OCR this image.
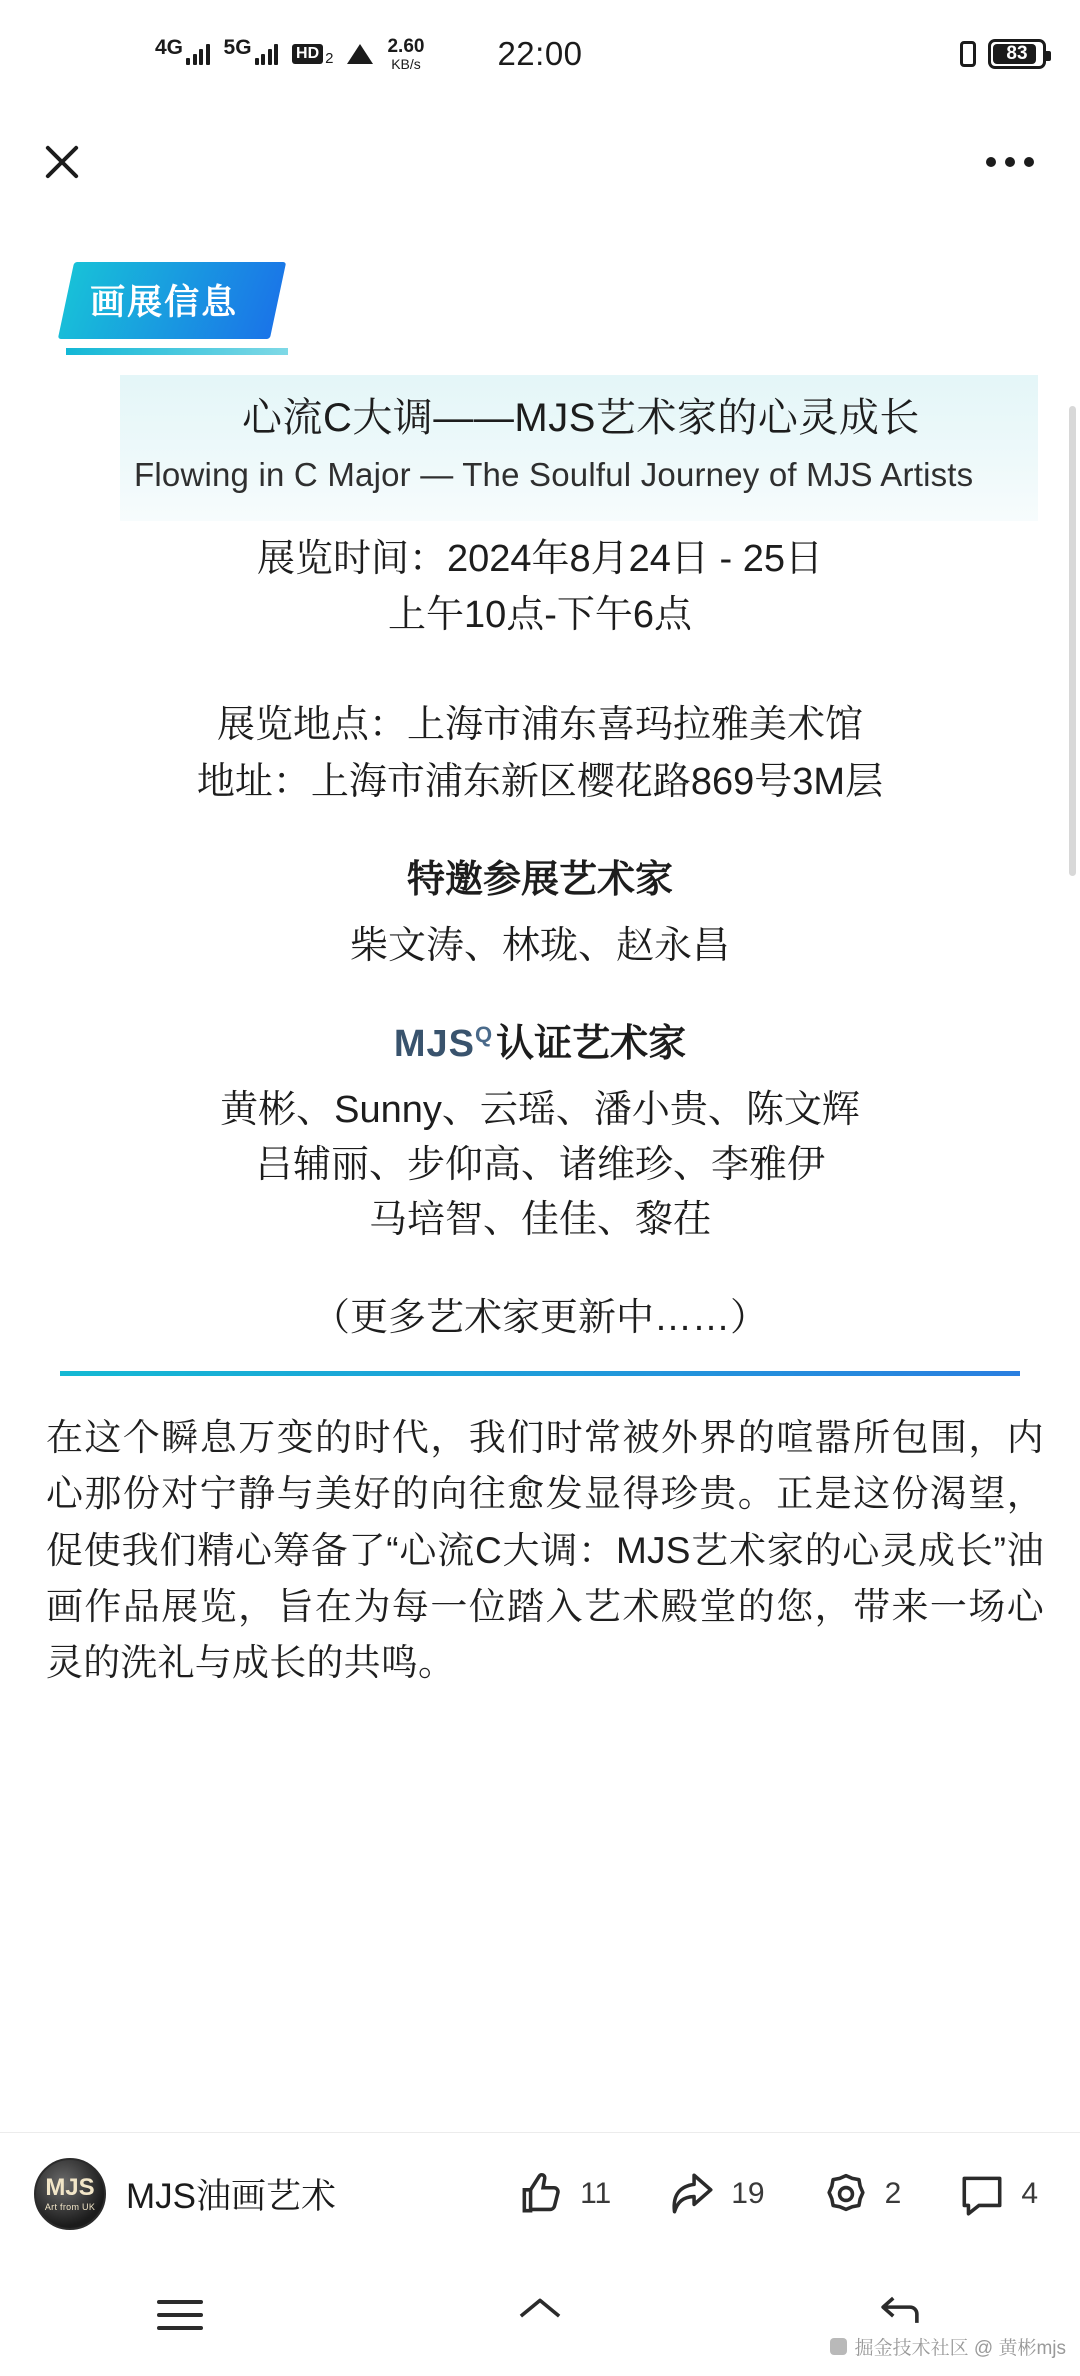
4G 5G	HD 2
2.60
KB/s 22:00	83
画展信息
心流C大调——MJS艺术家的心灵成长
Flowing in C Major — The Soulful Journey of MJS Artists
展览时间：2024年8月24日 - 25日
上午10点-下午6点
展览地点：上海市浦东喜玛拉雅美术馆
地址：上海市浦东新区樱花路869号3M层
特邀参展艺术家
柴文涛、林珑、赵永昌
MJS Q 认证艺术家
黄彬、Sunny、云瑶、潘小贵、陈文辉
吕辅丽、步仰高、诸维珍、李雅伊
马培智、佳佳、黎茌
（更多艺术家更新中……）
在这个瞬息万变的时代，我们时常被外界的喧嚣所包围，内心那份对宁静与美好的向往愈发显得珍贵。正是这份渴望，促使我们精心筹备了“心流C大调：MJS艺术家的心灵成长”油画作品展览，旨在为每一位踏入艺术殿堂的您，带来一场心灵的洗礼与成长的共鸣。
MJS
Art from UK MJS油画艺术	11	19	2	4
掘金技术社区 @ 黄彬mjs
